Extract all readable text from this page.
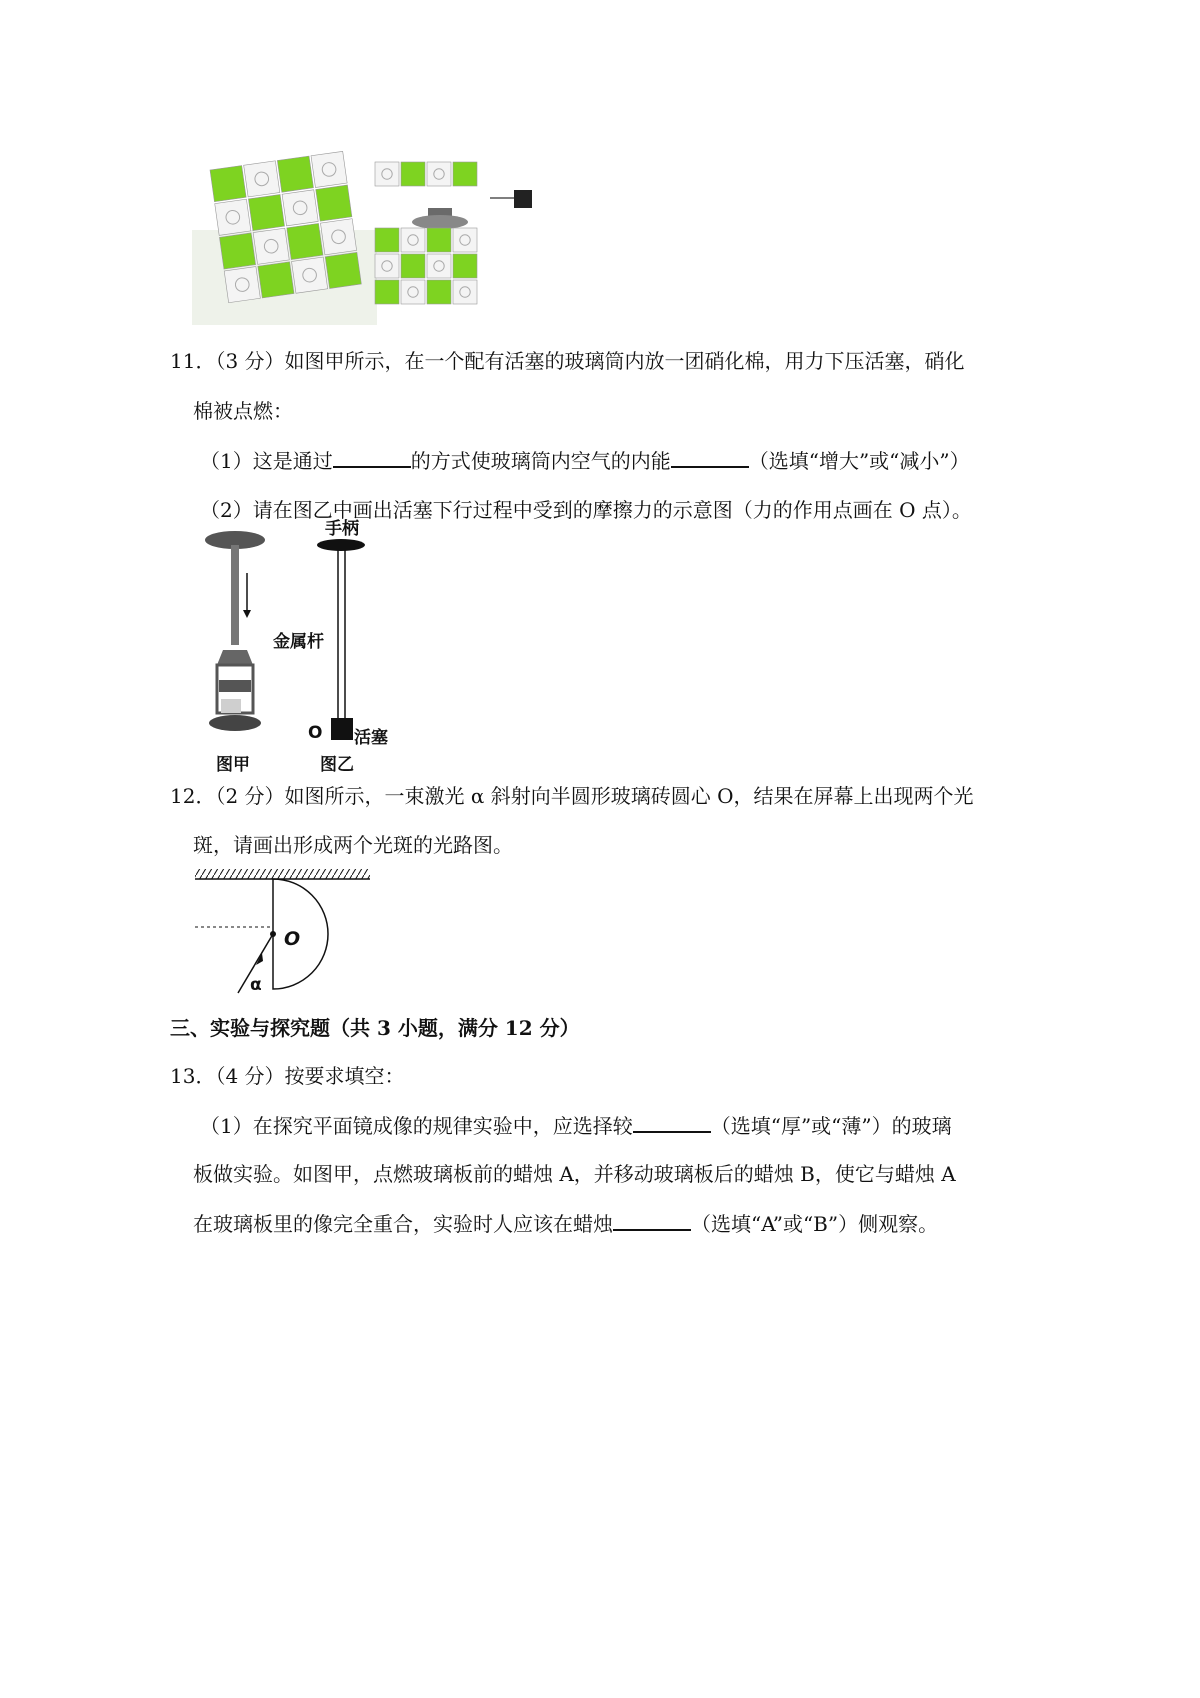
11．（3 分）如图甲所示，在一个配有活塞的玻璃筒内放一团硝化棉，用力下压活塞，硝化
棉被点燃：
（1）这是通过	的方式使玻璃筒内空气的内能	（选填“增大”或“减小”）
（2）请在图乙中画出活塞下行过程中受到的摩擦力的示意图（力的作用点画在 O 点）。
手柄
金属杆
O 活塞
图甲	图乙
12．（2 分）如图所示，一束激光 α 斜射向半圆形玻璃砖圆心 O，结果在屏幕上出现两个光
斑，请画出形成两个光斑的光路图。
O
α
三、实验与探究题（共 3 小题，满分 12 分）
13．（4 分）按要求填空：
（1）在探究平面镜成像的规律实验中，应选择较	（选填“厚”或“薄”）的玻璃
板做实验。如图甲，点燃玻璃板前的蜡烛 A，并移动玻璃板后的蜡烛 B，使它与蜡烛 A
在玻璃板里的像完全重合，实验时人应该在蜡烛	（选填“A”或“B”）侧观察。
